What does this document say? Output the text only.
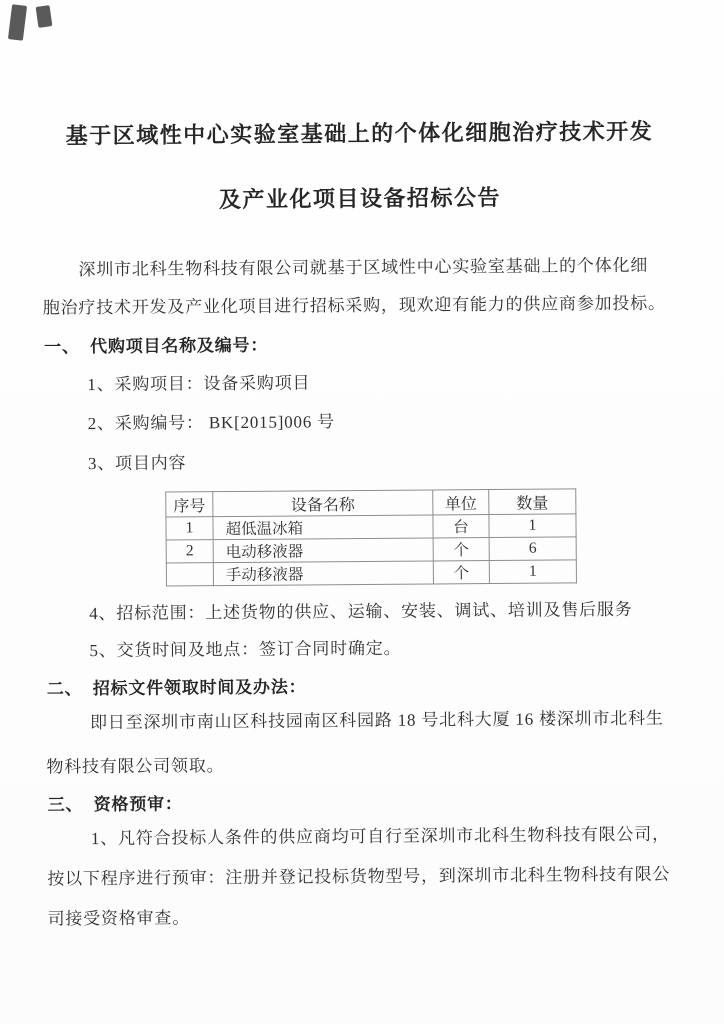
基于区域性中心实验室基础上的个体化细胞治疗技术开发
及产业化项目设备招标公告
深圳市北科生物科技有限公司就基于区域性中心实验室基础上的个体化细
胞治疗技术开发及产业化项目进行招标采购，现欢迎有能力的供应商参加投标。
一、 代购项目名称及编号：
1、采购项目：设备采购项目
2、采购编号： BK[2015]006 号
3、项目内容
序号	设备名称	单位	数量
1	超低温冰箱	台	1
2	电动移液器	个	6
	手动移液器	个	1
4、招标范围：上述货物的供应、运输、安装、调试、培训及售后服务
5、交货时间及地点：签订合同时确定。
二、 招标文件领取时间及办法：
即日至深圳市南山区科技园南区科园路 18 号北科大厦 16 楼深圳市北科生
物科技有限公司领取。
三、 资格预审：
1、凡符合投标人条件的供应商均可自行至深圳市北科生物科技有限公司，
按以下程序进行预审：注册并登记投标货物型号，到深圳市北科生物科技有限公
司接受资格审查。
